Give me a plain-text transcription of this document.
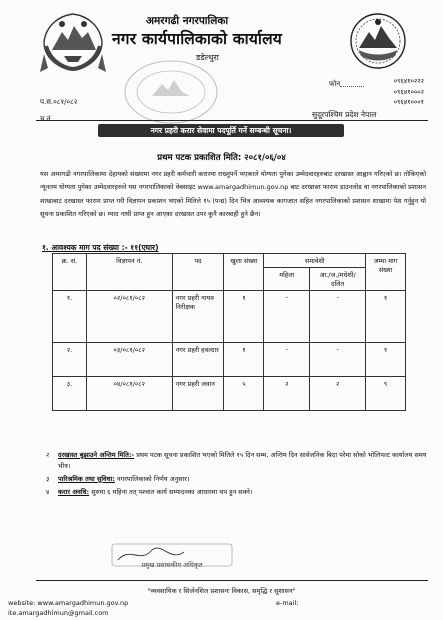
अमरगढी नगरपालिका
नगर कार्यपालिकाको कार्यालय
डडेल्धुरा
फोन	०९६४१०२२२
०९६४१०००२
०९६४१०००१
प.स.०८१/०८२
च.नं.	सुदूरपश्चिम प्रदेश नेपाल
नगर प्रहरी करार सेवामा पदपूर्ति गर्ने सम्बन्धी सूचना।
प्रथम पटक प्रकाशित मिति: २०८१/०६/०४
यस अमरगढी नगरपालिकामा देहायको संख्यामा नगर प्रहरी कर्मचारी करारमा राख्नुपर्ने भएकाले योग्यता पुगेका उम्मेदवारहरुबाट दरखास्त आह्वान गरिएको छ। तोकिएको न्यूनतम योग्यता पुगेका उम्मेदवारहरुले यस नगरपालिकाको वेबसाइट www.amargadhimun.gov.np बाट दरखास्त फाराम डाउनलोड वा नगरपालिकाको प्रशासन शाखाबाट दरखास्त फाराम प्राप्त गरी विज्ञापन प्रकाशन भएको मितिले १५ (पन्ध्र) दिन भित्र आवश्यक कागजात सहित नगरपालिकाको प्रशासन शाखामा पेश गर्नुहुन यो सूचना प्रकाशित गरिएको छ। म्याद नाघी प्राप्त हुन आएका दरखास्त उपर कुनै कारबाही हुने छैन।
१. आवश्यक माग पद संख्या :- ११(एघार)
क्र. सं.	विज्ञापन नं.	पद	खुला संख्या	समावेशी		जम्मा माग संख्या
				महिला	आ./ज./मधेशी/दलित	
१.	०२/०८१/०८२	नगर प्रहरी नायव निरीक्षक	१	-	-	१
२.	०३/०८१/०८२	नगर प्रहरी हवल्दार	१	-	-	१
३.	०४/०८१/०८२	नगर प्रहरी जवान	५	२	२	९
२ दरखास्त बुझाउने अन्तिम मिति:- प्रथम पटक सूचना प्रकाशित भएको मितिले १५ दिन सम्म, अन्तिम दिन सार्वजनिक बिदा परेमा सोको भोलिपल्ट कार्यालय समय भीत्र।
३ पारिश्रमिक तथा सुविधा: नगरपालिकाको निर्णय अनुसार।
४ करार अवधि: सुरुमा ६ महिना तत् पश्चात कार्य सम्पादनका आधारमा थप हुन सक्ने।
प्रमुख प्रशासकीय अधिकृत
"व्यवसायिक र सिर्जनशिल प्रशासनः विकास, समृद्धि र सुशासन"
website: www.amargadhimun.gov.np	e-mail:
ite.amargadhimun@gmail.com
